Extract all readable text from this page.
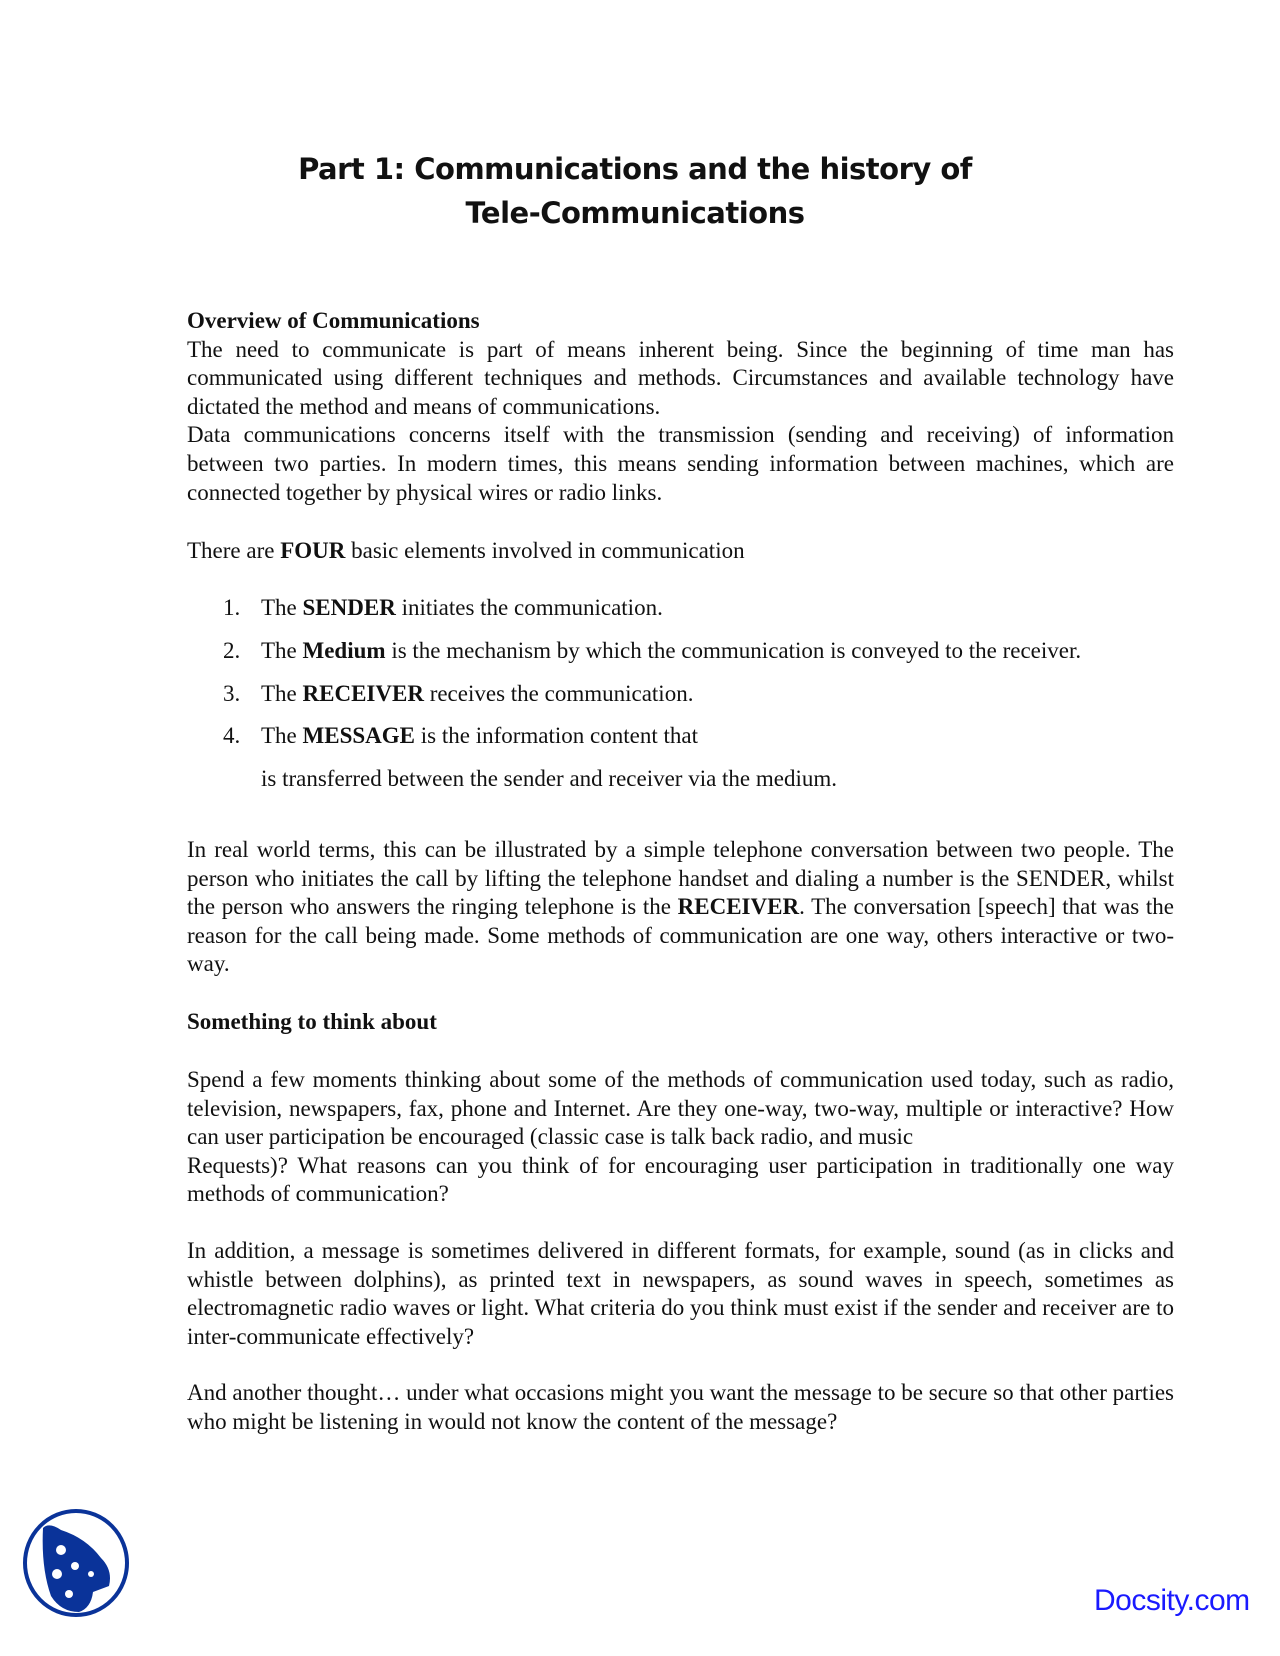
Part 1: Communications and the history of
Tele-Communications

Overview of Communications

The need to communicate is part of means inherent being. Since the beginning of time man has communicated using different techniques and methods. Circumstances and available technology have dictated the method and means of communications.

Data communications concerns itself with the transmission (sending and receiving) of information between two parties. In modern times, this means sending information between machines, which are connected together by physical wires or radio links.

There are FOUR basic elements involved in communication
1. The SENDER initiates the communication.
2. The Medium is the mechanism by which the communication is conveyed to the receiver.
3. The RECEIVER receives the communication.
4. The MESSAGE is the information content that
is transferred between the sender and receiver via the medium.
In real world terms, this can be illustrated by a simple telephone conversation between two people. The person who initiates the call by lifting the telephone handset and dialing a number is the SENDER, whilst the person who answers the ringing telephone is the RECEIVER. The conversation [speech] that was the reason for the call being made. Some methods of communication are one way, others interactive or two-way.
Something to think about

Spend a few moments thinking about some of the methods of communication used today, such as radio, television, newspapers, fax, phone and Internet. Are they one-way, two-way, multiple or interactive? How can user participation be encouraged (classic case is talk back radio, and music

Requests)? What reasons can you think of for encouraging user participation in traditionally one way methods of communication?

In addition, a message is sometimes delivered in different formats, for example, sound (as in clicks and whistle between dolphins), as printed text in newspapers, as sound waves in speech, sometimes as electromagnetic radio waves or light. What criteria do you think must exist if the sender and receiver are to inter-communicate effectively?
And another thought… under what occasions might you want the message to be secure so that other parties who might be listening in would not know the content of the message?
Docsity.com
